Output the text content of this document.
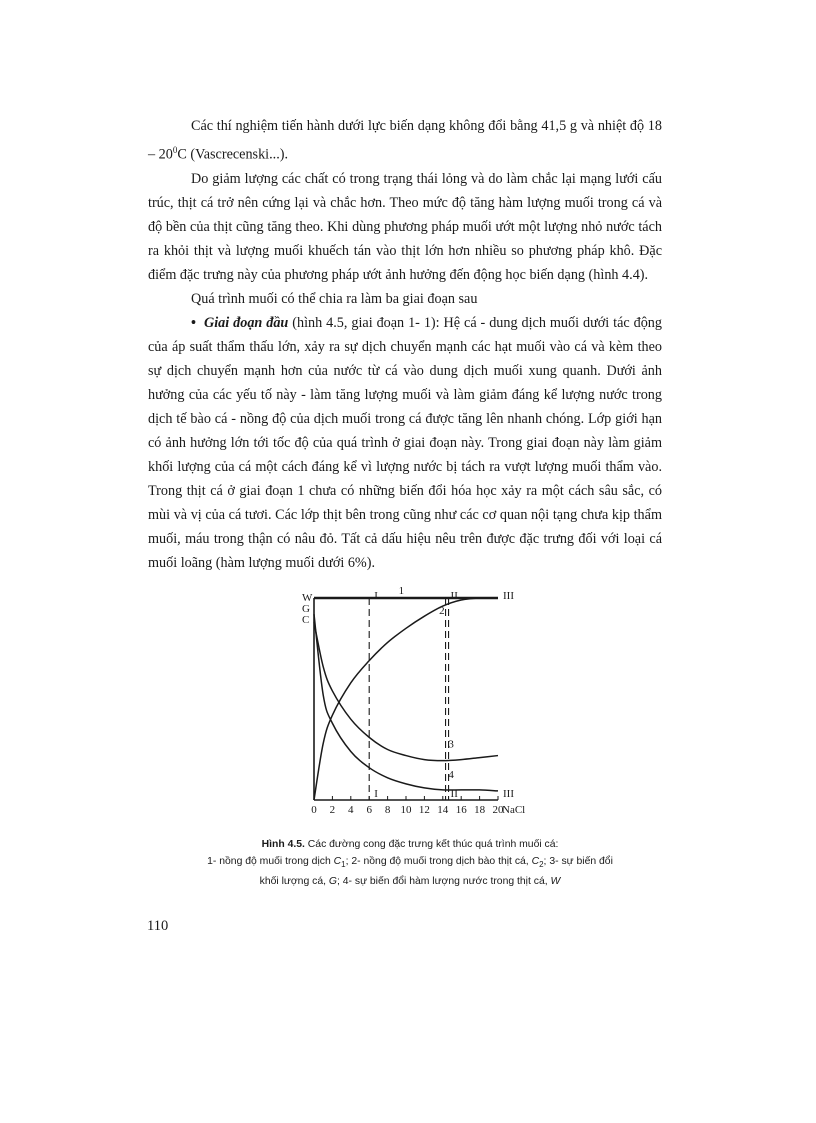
Các thí nghiệm tiến hành dưới lực biến dạng không đổi bằng 41,5 g và nhiệt độ $18 - 20^0C$ (Vascrecenski...).

Do giảm lượng các chất có trong trạng thái lỏng và do làm chắc lại mạng lưới cấu trúc, thịt cá trở nên cứng lại và chắc hơn. Theo mức độ tăng hàm lượng muối trong cá và độ bền của thịt cũng tăng theo. Khi dùng phương pháp muối ướt một lượng nhỏ nước tách ra khỏi thịt và lượng muối khuếch tán vào thịt lớn hơn nhiều so phương pháp khô. Đặc điểm đặc trưng này của phương pháp ướt ảnh hưởng đến động học biến dạng (hình 4.4).

Quá trình muối có thể chia ra làm ba giai đoạn sau

• Giai đoạn đầu (hình 4.5, giai đoạn 1- 1): Hệ cá - dung dịch muối dưới tác động của áp suất thẩm thấu lớn, xảy ra sự dịch chuyển mạnh các hạt muối vào cá và kèm theo sự dịch chuyển mạnh hơn của nước từ cá vào dung dịch muối xung quanh. Dưới ảnh hưởng của các yếu tố này - làm tăng lượng muối và làm giảm đáng kể lượng nước trong dịch tế bào cá - nồng độ của dịch muối trong cá được tăng lên nhanh chóng. Lớp giới hạn có ảnh hưởng lớn tới tốc độ của quá trình ở giai đoạn này. Trong giai đoạn này làm giảm khối lượng của cá một cách đáng kể vì lượng nước bị tách ra vượt lượng muối thẩm vào. Trong thịt cá ở giai đoạn 1 chưa có những biến đổi hóa học xảy ra một cách sâu sắc, có mùi và vị của cá tươi. Các lớp thịt bên trong cũng như các cơ quan nội tạng chưa kịp thẩm muối, máu trong thận có nâu đỏ. Tất cả dấu hiệu nêu trên được đặc trưng đối với loại cá muối loãng (hàm lượng muối dưới 6%).

W
G
C
0 2 4 6 8 10 12 14 16 18 20
NaCl
I
I
II
II
III
III
1
2
3
4
Hình 4.5. Các đường cong đặc trưng kết thúc quá trình muối cá:
1- nồng độ muối trong dịch $C_1$; 2- nồng độ muối trong dịch bào thịt cá, $C_2$; 3- sự biến đổi
khối lượng cá, G; 4- sự biến đổi hàm lượng nước trong thịt cá, W
110
